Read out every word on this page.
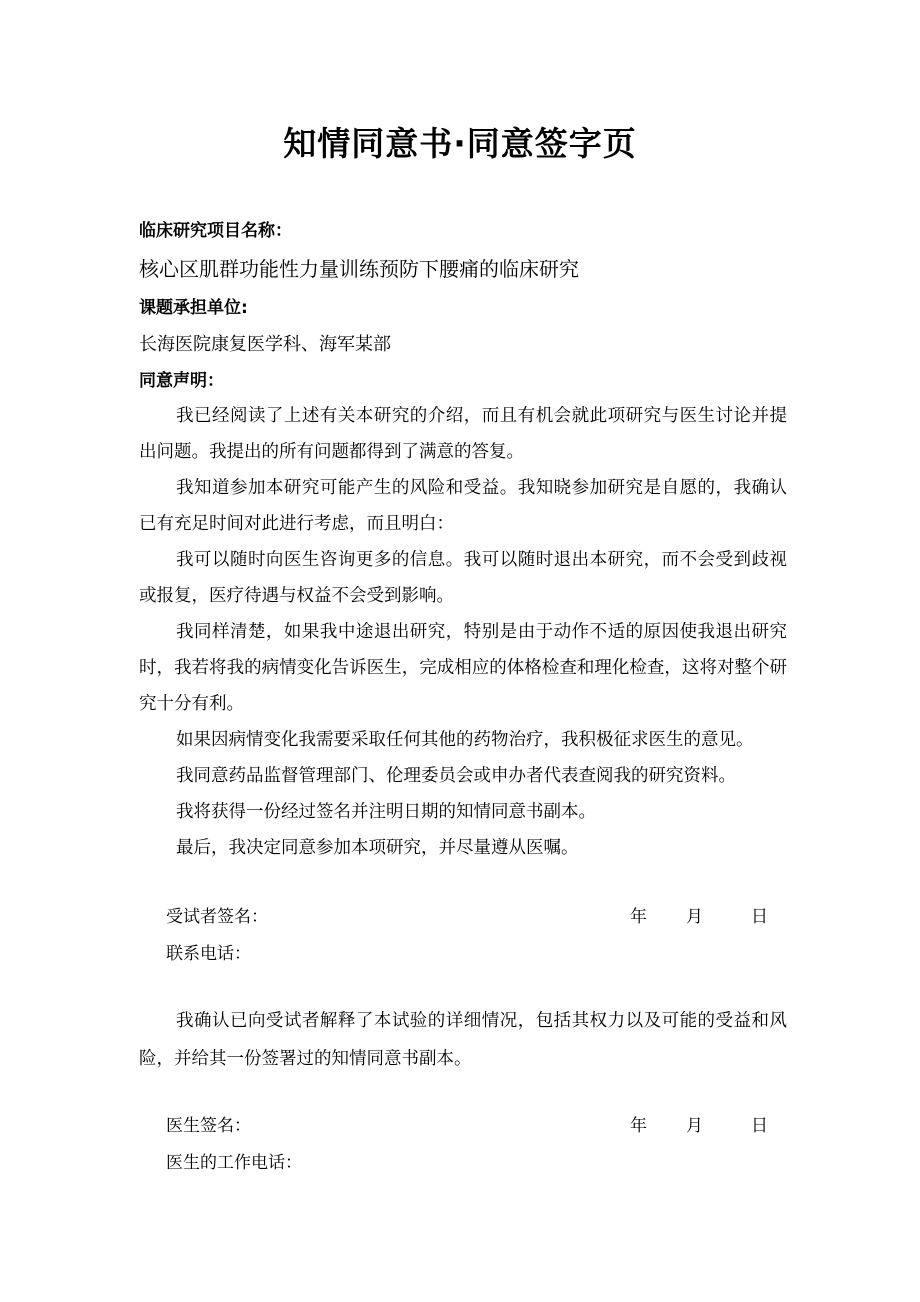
知情同意书·同意签字页
临床研究项目名称：
核心区肌群功能性力量训练预防下腰痛的临床研究
课题承担单位:
长海医院康复医学科、海军某部
同意声明：

我已经阅读了上述有关本研究的介绍，而且有机会就此项研究与医生讨论并提出问题。我提出的所有问题都得到了满意的答复。

我知道参加本研究可能产生的风险和受益。我知晓参加研究是自愿的，我确认已有充足时间对此进行考虑，而且明白：

我可以随时向医生咨询更多的信息。我可以随时退出本研究，而不会受到歧视或报复，医疗待遇与权益不会受到影响。

我同样清楚，如果我中途退出研究，特别是由于动作不适的原因使我退出研究时，我若将我的病情变化告诉医生，完成相应的体格检查和理化检查，这将对整个研究十分有利。

如果因病情变化我需要采取任何其他的药物治疗，我积极征求医生的意见。

我同意药品监督管理部门、伦理委员会或申办者代表查阅我的研究资料。

我将获得一份经过签名并注明日期的知情同意书副本。

最后，我决定同意参加本项研究，并尽量遵从医嘱。

受试者签名：	年 月	日
联系电话：

我确认已向受试者解释了本试验的详细情况，包括其权力以及可能的受益和风险，并给其一份签署过的知情同意书副本。

医生签名：	年 月	日
医生的工作电话：
